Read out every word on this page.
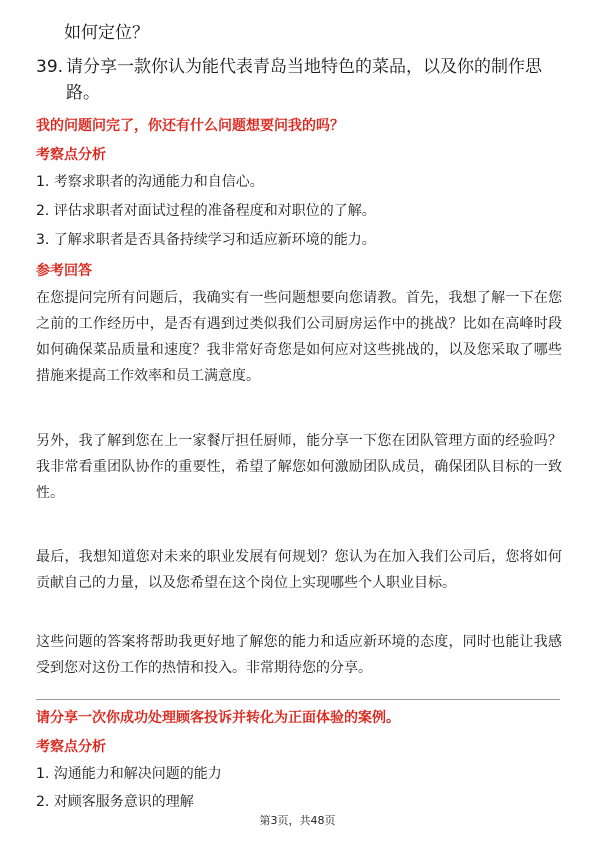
如何定位？
39. 请分享一款你认为能代表青岛当地特色的菜品，以及你的制作思路。
我的问题问完了，你还有什么问题想要问我的吗？
考察点分析
1. 考察求职者的沟通能力和自信心。
2. 评估求职者对面试过程的准备程度和对职位的了解。
3. 了解求职者是否具备持续学习和适应新环境的能力。
参考回答
在您提问完所有问题后，我确实有一些问题想要向您请教。首先，我想了解一下在您之前的工作经历中，是否有遇到过类似我们公司厨房运作中的挑战？比如在高峰时段如何确保菜品质量和速度？我非常好奇您是如何应对这些挑战的，以及您采取了哪些措施来提高工作效率和员工满意度。
另外，我了解到您在上一家餐厅担任厨师，能分享一下您在团队管理方面的经验吗？我非常看重团队协作的重要性，希望了解您如何激励团队成员，确保团队目标的一致性。
最后，我想知道您对未来的职业发展有何规划？您认为在加入我们公司后，您将如何贡献自己的力量，以及您希望在这个岗位上实现哪些个人职业目标。
这些问题的答案将帮助我更好地了解您的能力和适应新环境的态度，同时也能让我感受到您对这份工作的热情和投入。非常期待您的分享。
请分享一次你成功处理顾客投诉并转化为正面体验的案例。
考察点分析
1. 沟通能力和解决问题的能力
2. 对顾客服务意识的理解
第3页，共48页
